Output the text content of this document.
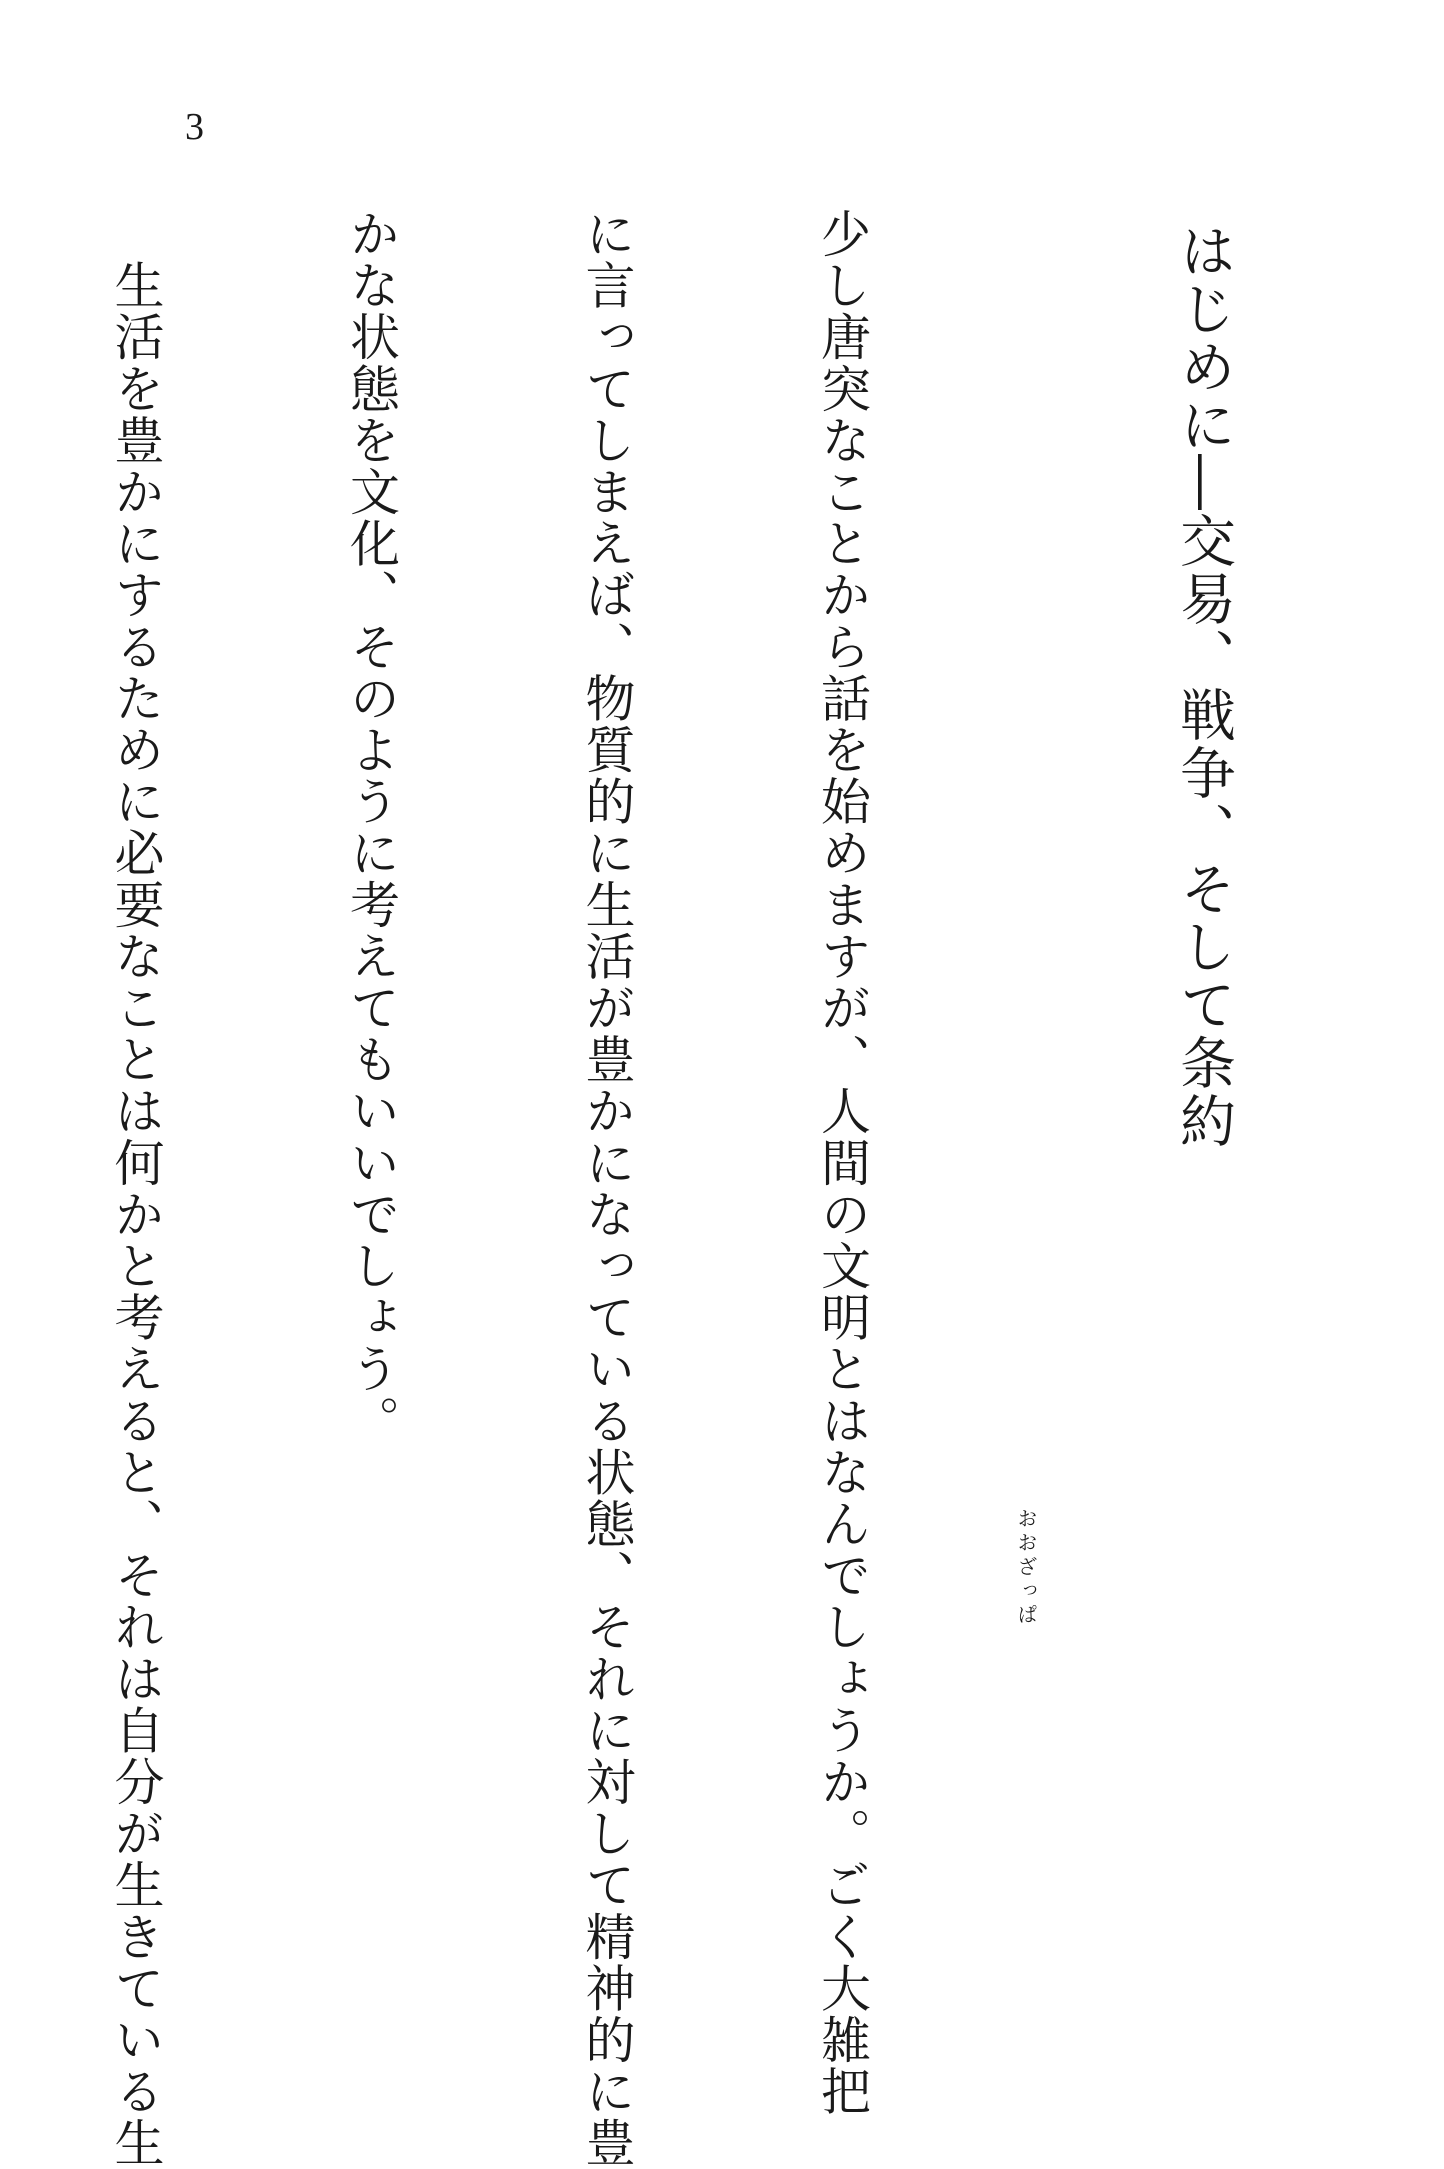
3
はじめに―交易、戦争、そして条約
おおざっぱ

少し唐突なことから話を始めますが、人間の文明とはなんでしょうか。ごく大雑把

に言ってしまえば、物質的に生活が豊かになっている状態、それに対して精神的に豊

かな状態を文化、そのように考えてもいいでしょう。

　生活を豊かにするために必要なことは何かと考えると、それは自分が生きている生
